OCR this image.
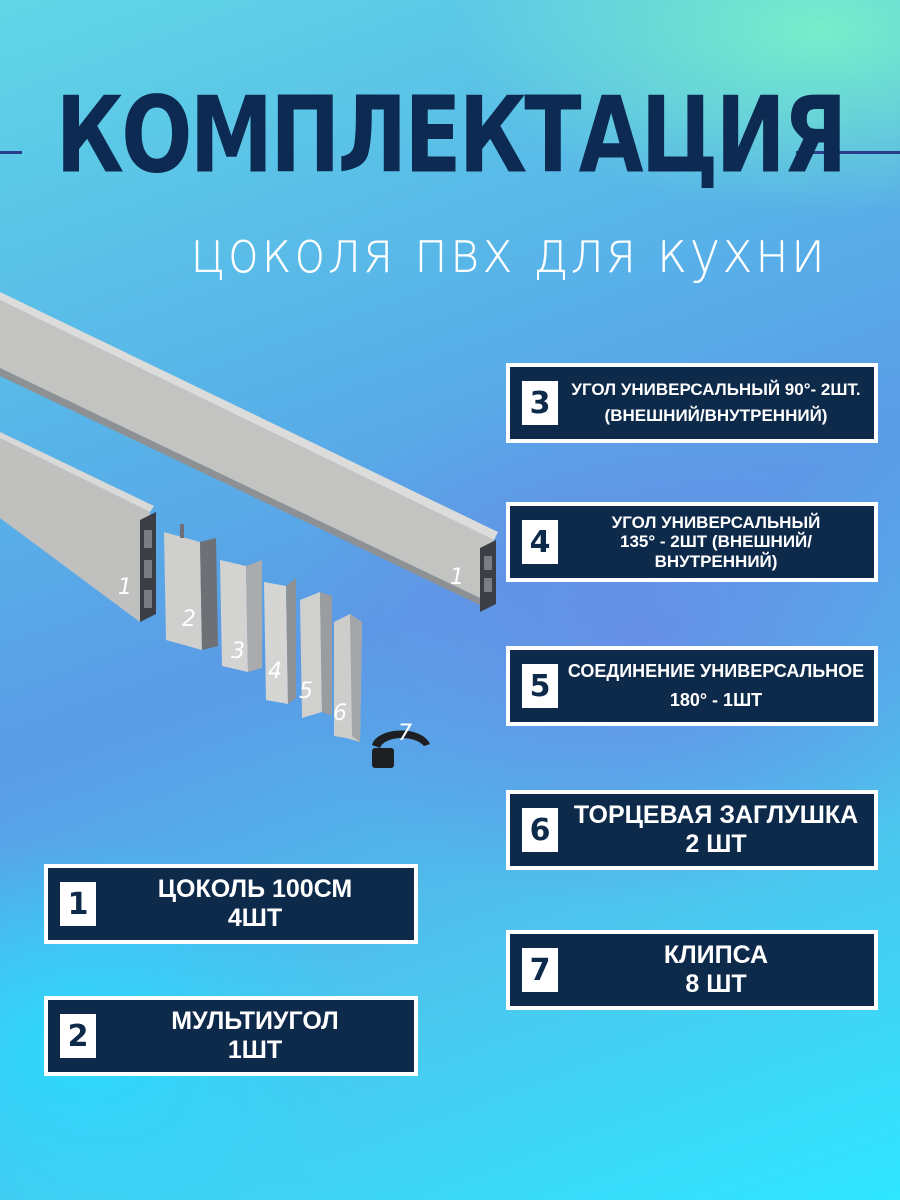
КОМПЛЕКТАЦИЯ
цоколя пвх для кухни
1	1
2
3
4
5
6
7
3	УГОЛ УНИВЕРСАЛЬНЫЙ 90°- 2ШТ.
(ВНЕШНИЙ/ВНУТРЕННИЙ)
4
УГОЛ УНИВЕРСАЛЬНЫЙ
135° - 2ШТ (ВНЕШНИЙ/
ВНУТРЕННИЙ)
5 СОЕДИНЕНИЕ УНИВЕРСАЛЬНОЕ
180° - 1ШТ
6 ТОРЦЕВАЯ ЗАГЛУШКА
2 ШТ
7	КЛИПСА
8 ШТ
1	ЦОКОЛЬ 100СМ
4ШТ
2	МУЛЬТИУГОЛ
1ШТ
